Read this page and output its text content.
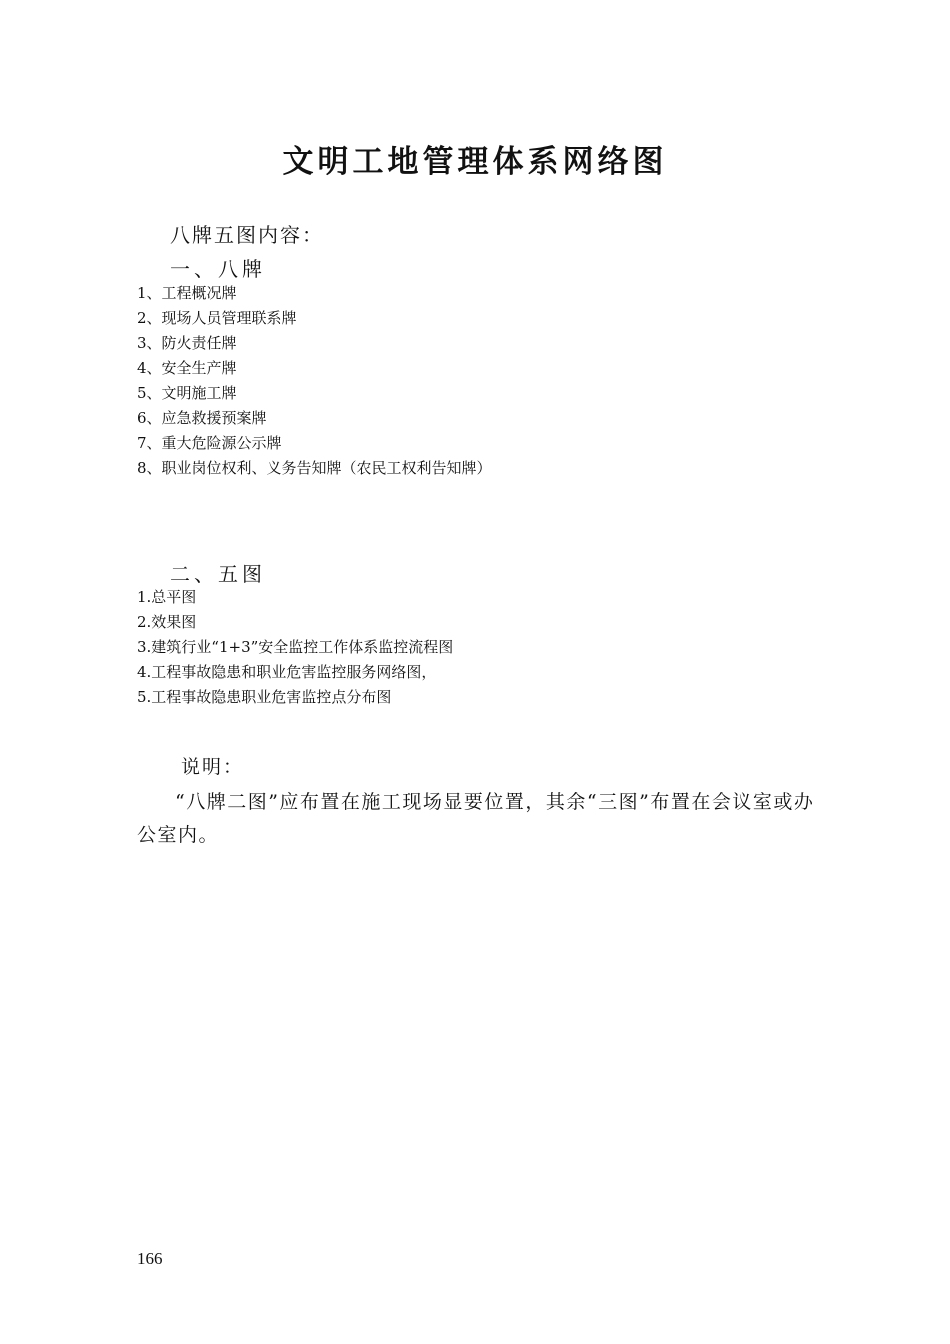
文明工地管理体系网络图
八牌五图内容：
一、八牌
1、工程概况牌
2、现场人员管理联系牌
3、防火责任牌
4、安全生产牌
5、文明施工牌
6、应急救援预案牌
7、重大危险源公示牌
8、职业岗位权利、义务告知牌（农民工权利告知牌）
二、五图
1.总平图
2.效果图
3.建筑行业“1+3”安全监控工作体系监控流程图
4.工程事故隐患和职业危害监控服务网络图，
5.工程事故隐患职业危害监控点分布图
说明：

“八牌二图”应布置在施工现场显要位置，其余“三图”布置在会议室或办公室内。

166
